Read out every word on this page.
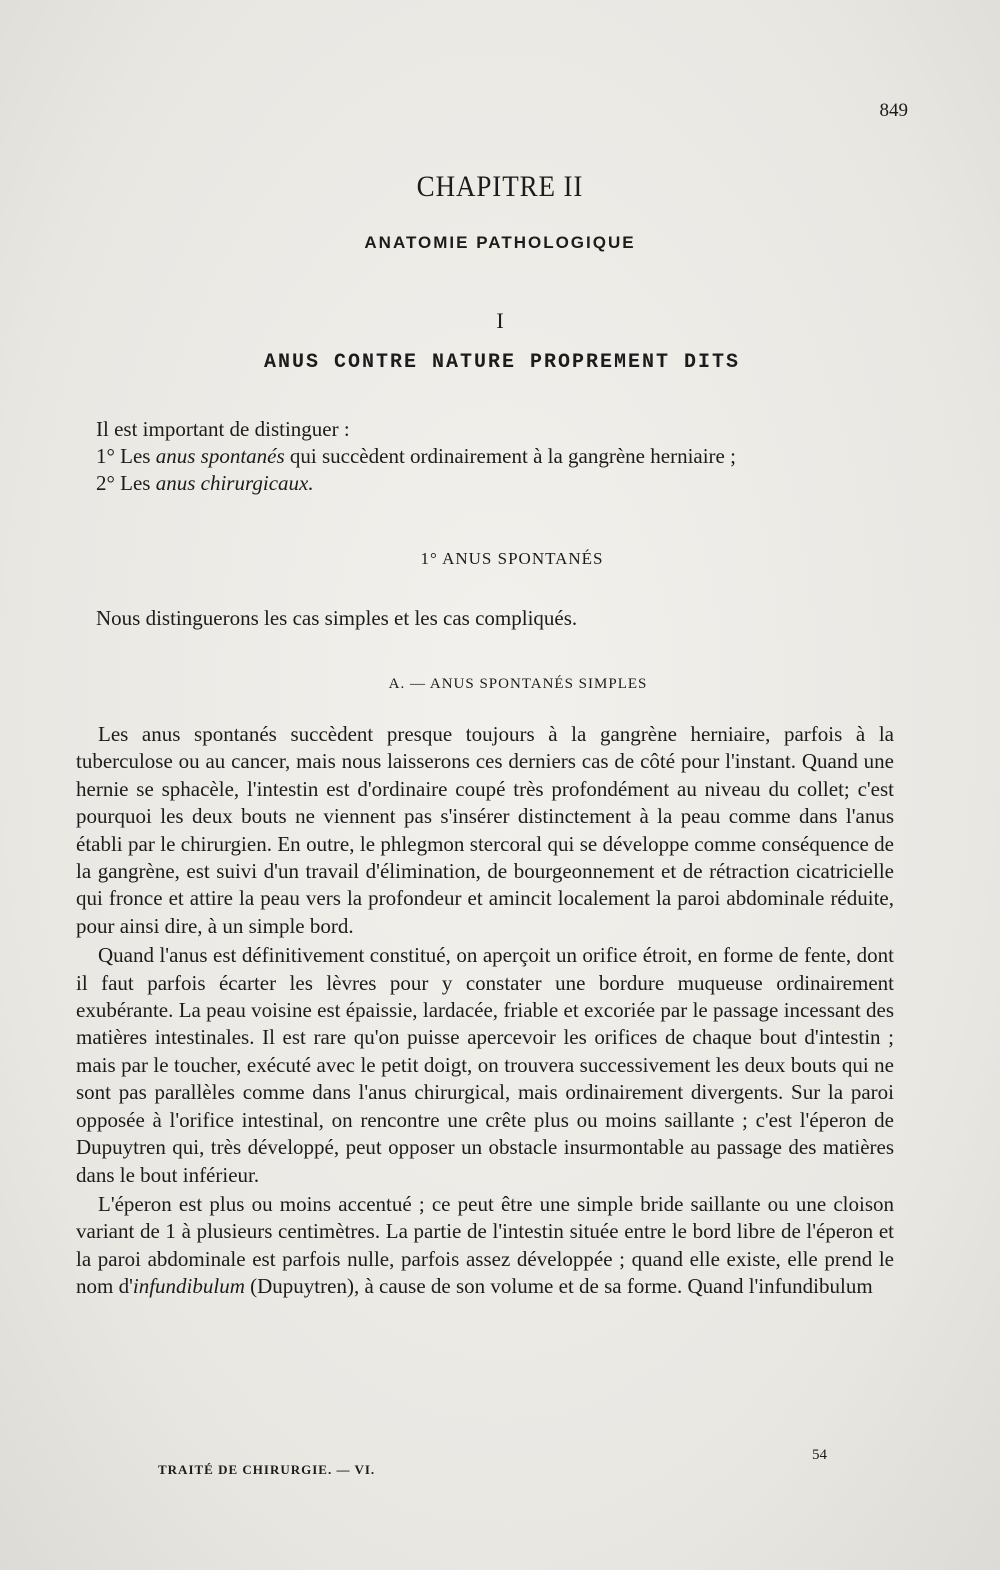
849
CHAPITRE II
ANATOMIE PATHOLOGIQUE
I
ANUS CONTRE NATURE PROPREMENT DITS
Il est important de distinguer :
1° Les anus spontanés qui succèdent ordinairement à la gangrène herniaire ;
2° Les anus chirurgicaux.
1° ANUS SPONTANÉS
Nous distinguerons les cas simples et les cas compliqués.
A. — ANUS SPONTANÉS SIMPLES

Les anus spontanés succèdent presque toujours à la gangrène herniaire, parfois à la tuberculose ou au cancer, mais nous laisserons ces derniers cas de côté pour l'instant. Quand une hernie se sphacèle, l'intestin est d'ordinaire coupé très profondément au niveau du collet; c'est pourquoi les deux bouts ne viennent pas s'insérer distinctement à la peau comme dans l'anus établi par le chirurgien. En outre, le phlegmon stercoral qui se développe comme conséquence de la gangrène, est suivi d'un travail d'élimination, de bourgeonnement et de rétraction cicatricielle qui fronce et attire la peau vers la profondeur et amincit localement la paroi abdominale réduite, pour ainsi dire, à un simple bord.

Quand l'anus est définitivement constitué, on aperçoit un orifice étroit, en forme de fente, dont il faut parfois écarter les lèvres pour y constater une bordure muqueuse ordinairement exubérante. La peau voisine est épaissie, lardacée, friable et excoriée par le passage incessant des matières intestinales. Il est rare qu'on puisse apercevoir les orifices de chaque bout d'intestin ; mais par le toucher, exécuté avec le petit doigt, on trouvera successivement les deux bouts qui ne sont pas parallèles comme dans l'anus chirurgical, mais ordinairement divergents. Sur la paroi opposée à l'orifice intestinal, on rencontre une crête plus ou moins saillante ; c'est l'éperon de Dupuytren qui, très développé, peut opposer un obstacle insurmontable au passage des matières dans le bout inférieur.

L'éperon est plus ou moins accentué ; ce peut être une simple bride saillante ou une cloison variant de 1 à plusieurs centimètres. La partie de l'intestin située entre le bord libre de l'éperon et la paroi abdominale est parfois nulle, parfois assez développée ; quand elle existe, elle prend le nom d'infundibulum (Dupuytren), à cause de son volume et de sa forme. Quand l'infundibulum

TRAITÉ DE CHIRURGIE. — VI.
54
